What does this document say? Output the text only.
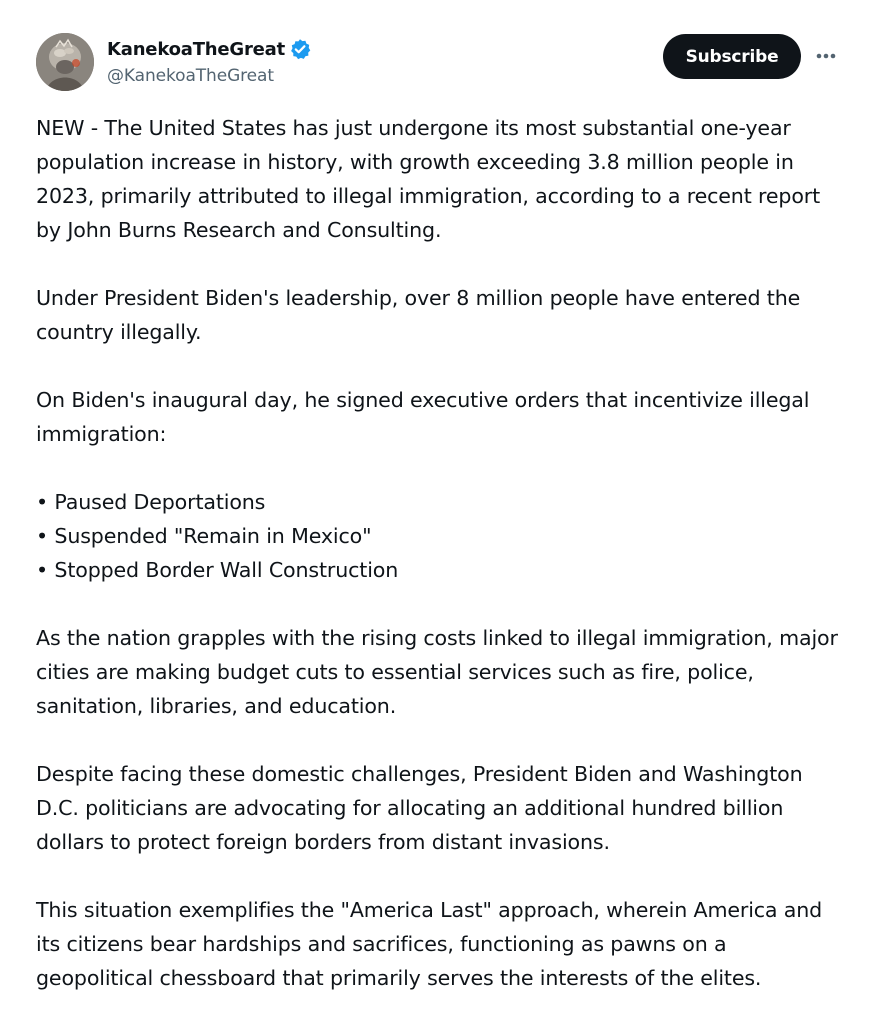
KanekoaTheGreat
@KanekoaTheGreat
Subscribe

NEW - The United States has just undergone its most substantial one-year population increase in history, with growth exceeding 3.8 million people in 2023, primarily attributed to illegal immigration, according to a recent report by John Burns Research and Consulting.

Under President Biden's leadership, over 8 million people have entered the country illegally.

On Biden's inaugural day, he signed executive orders that incentivize illegal immigration:

• Paused Deportations
• Suspended "Remain in Mexico"
• Stopped Border Wall Construction

As the nation grapples with the rising costs linked to illegal immigration, major cities are making budget cuts to essential services such as fire, police, sanitation, libraries, and education.

Despite facing these domestic challenges, President Biden and Washington D.C. politicians are advocating for allocating an additional hundred billion dollars to protect foreign borders from distant invasions.

This situation exemplifies the "America Last" approach, wherein America and its citizens bear hardships and sacrifices, functioning as pawns on a geopolitical chessboard that primarily serves the interests of the elites.
